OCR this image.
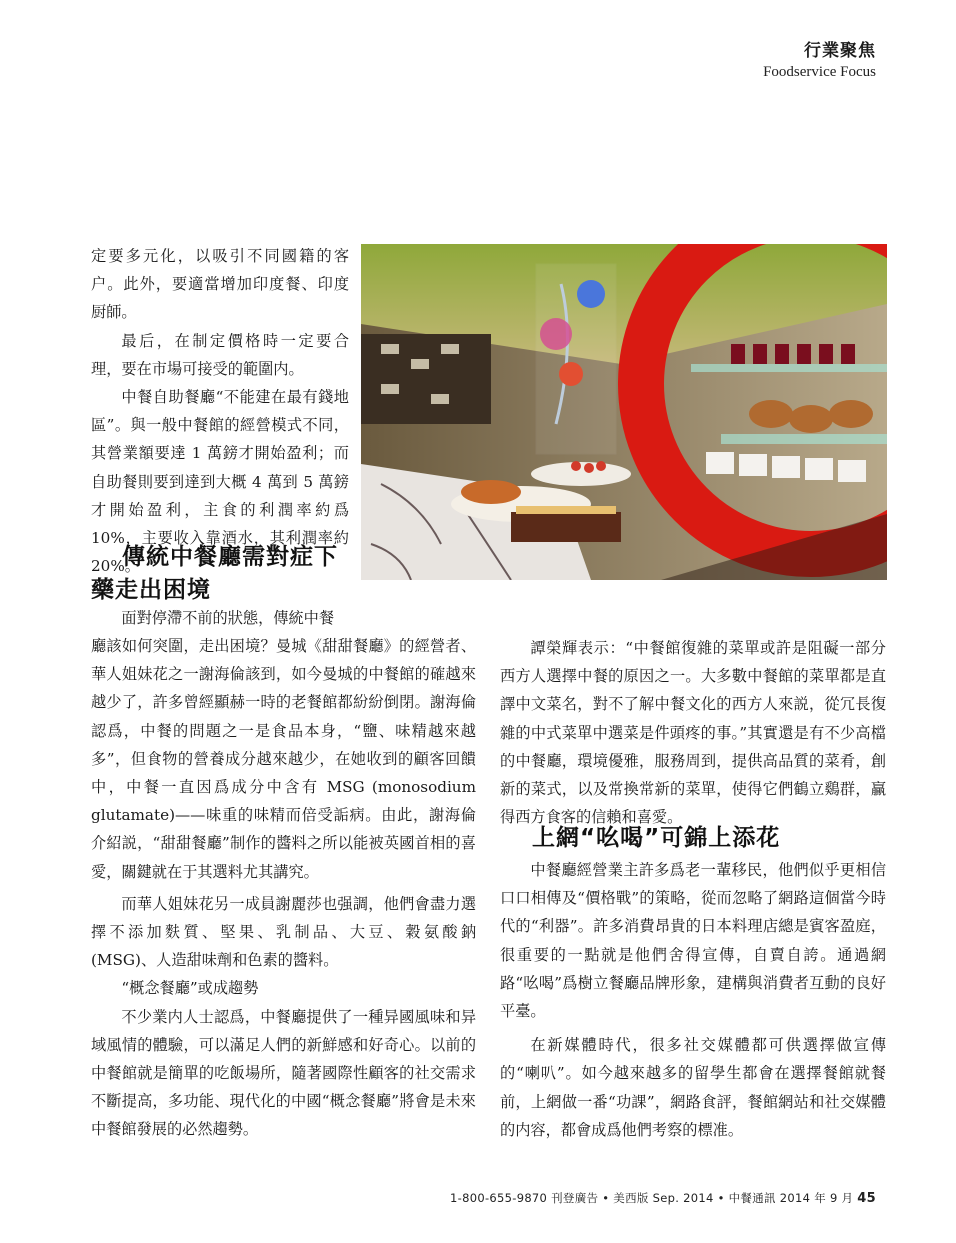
行業聚焦
Foodservice Focus

定要多元化，以吸引不同國籍的客户。此外，要適當增加印度餐、印度厨師。

最后，在制定價格時一定要合理，要在市場可接受的範圍内。

中餐自助餐廳“不能建在最有錢地區”。與一般中餐館的經營模式不同，其營業額要達 1 萬鎊才開始盈利；而自助餐則要到達到大概 4 萬到 5 萬鎊才開始盈利，主食的利潤率約爲 10%，主要收入靠酒水，其利潤率約 20%。

傳統中餐廳需對症下
藥走出困境

面對停滯不前的狀態，傳統中餐

廳該如何突圍，走出困境？曼城《甜甜餐廳》的經營者、華人姐妹花之一謝海倫該到，如今曼城的中餐館的確越來越少了，許多曾經顯赫一時的老餐館都紛紛倒閉。謝海倫認爲，中餐的問題之一是食品本身，“鹽、味精越來越多”，但食物的營養成分越來越少，在她收到的顧客回饋中，中餐一直因爲成分中含有 MSG (monosodium glutamate)——味重的味精而倍受詬病。由此，謝海倫介紹説，“甜甜餐廳”制作的醬料之所以能被英國首相的喜愛，關鍵就在于其選料尤其講究。

而華人姐妹花另一成員謝麗莎也强調，他們會盡力選擇不添加麩質、堅果、乳制品、大豆、穀氨酸鈉 (MSG)、人造甜味劑和色素的醬料。

“概念餐廳”或成趨勢

不少業内人士認爲，中餐廳提供了一種异國風味和异域風情的體驗，可以滿足人們的新鮮感和好奇心。以前的中餐館就是簡單的吃飯場所，隨著國際性顧客的社交需求不斷提高，多功能、現代化的中國“概念餐廳”將會是未來中餐館發展的必然趨勢。

譚榮輝表示：“中餐館復雜的菜單或許是阻礙一部分西方人選擇中餐的原因之一。大多數中餐館的菜單都是直譯中文菜名，對不了解中餐文化的西方人來説，從冗長復雜的中式菜單中選菜是件頭疼的事。”其實還是有不少高檔的中餐廳，環境優雅，服務周到，提供高品質的菜肴，創新的菜式，以及常換常新的菜單，使得它們鶴立鷄群，贏得西方食客的信賴和喜愛。

上網“吆喝”可錦上添花

中餐廳經營業主許多爲老一輩移民，他們似乎更相信口口相傳及“價格戰”的策略，從而忽略了網路這個當今時代的“利器”。許多消費昂貴的日本料理店總是賓客盈庭，很重要的一點就是他們舍得宣傳，自賣自誇。通過網路“吆喝”爲樹立餐廳品牌形象，建構與消費者互動的良好平臺。

在新媒體時代，很多社交媒體都可供選擇做宣傳的“喇叭”。如今越來越多的留學生都會在選擇餐館就餐前，上網做一番“功課”，網路食評，餐館網站和社交媒體的内容，都會成爲他們考察的標准。

1-800-655-9870 刊登廣告 • 美西版 Sep. 2014 • 中餐通訊 2014 年 9 月 45
